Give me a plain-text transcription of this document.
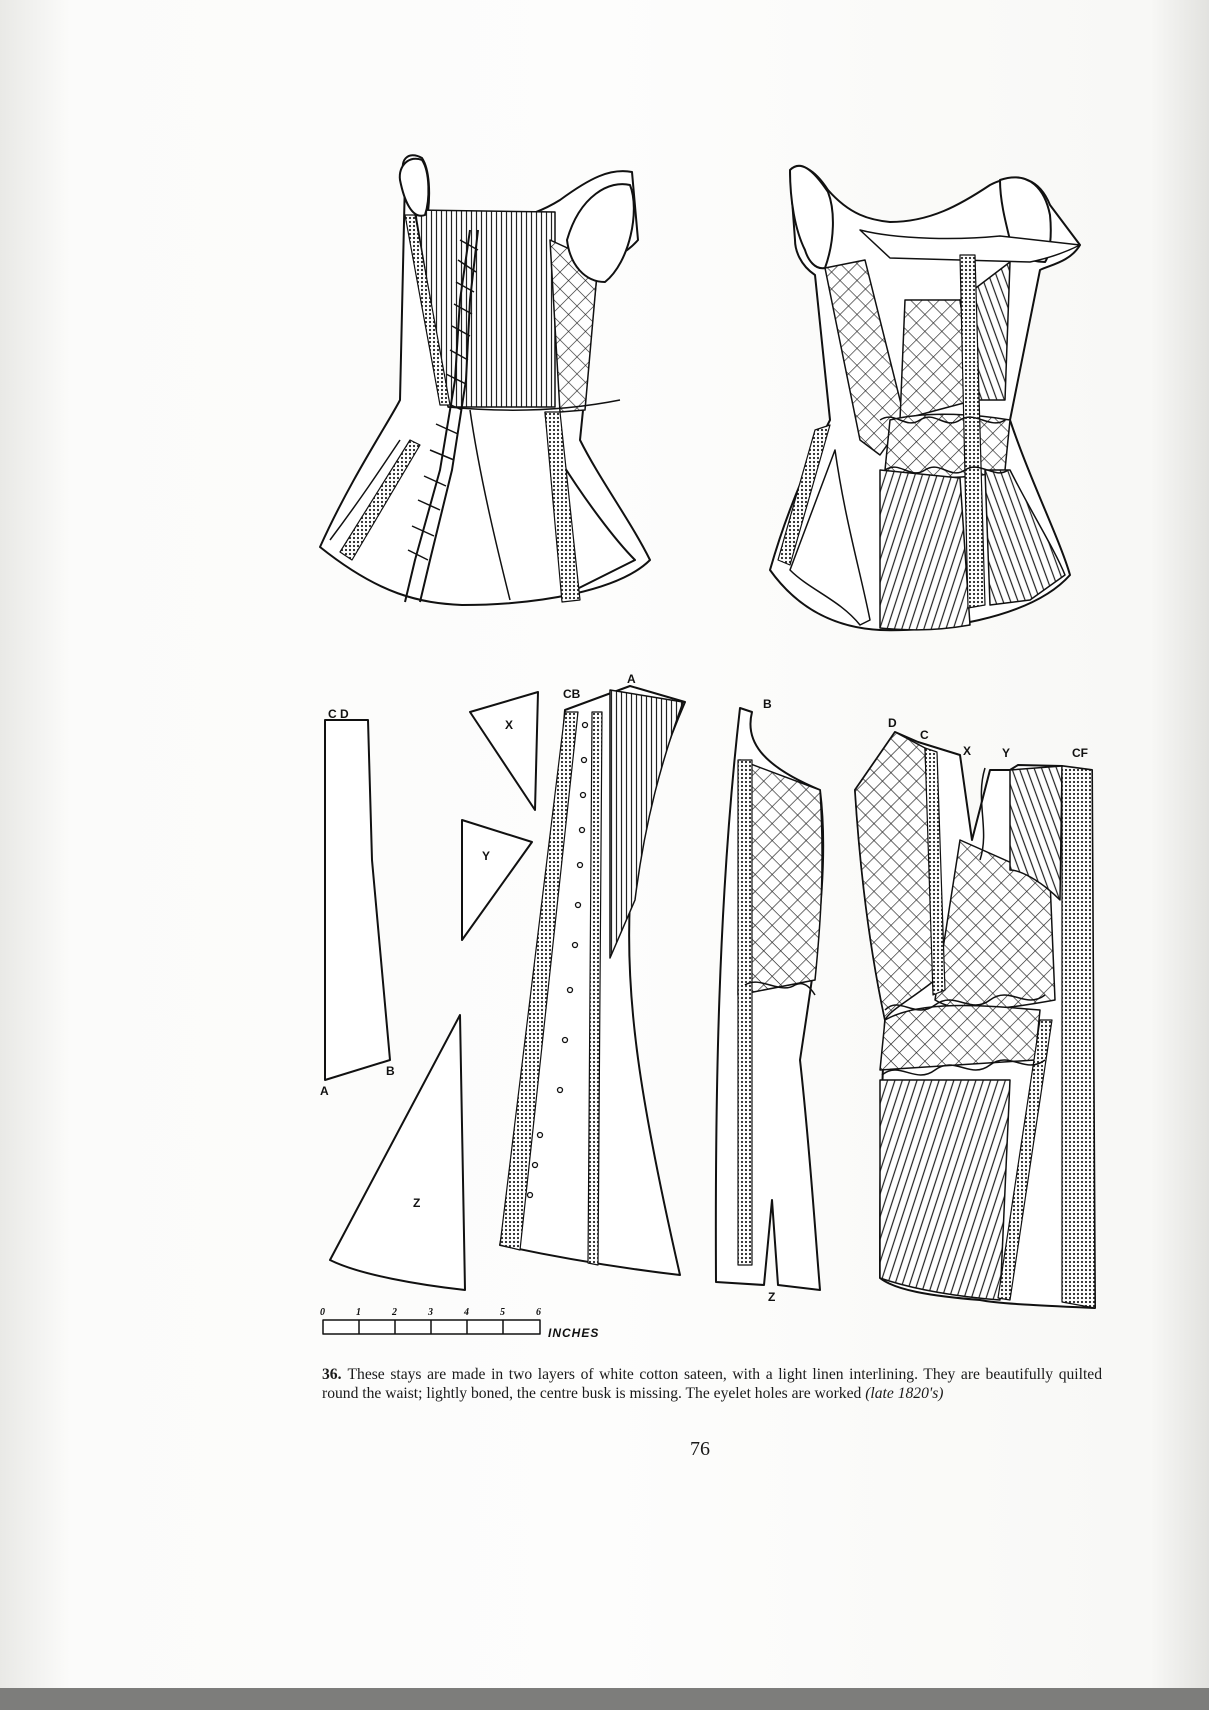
C D
A
B
X
Y
Z
CB
A
B
Z
D
C
X	Y	CF
0	1	2	3	4	5	6
INCHES
36. These stays are made in two layers of white cotton sateen, with a light linen interlining. They are beautifully quilted round the waist; lightly boned, the centre busk is missing. The eyelet holes are worked (late 1820's)
76
